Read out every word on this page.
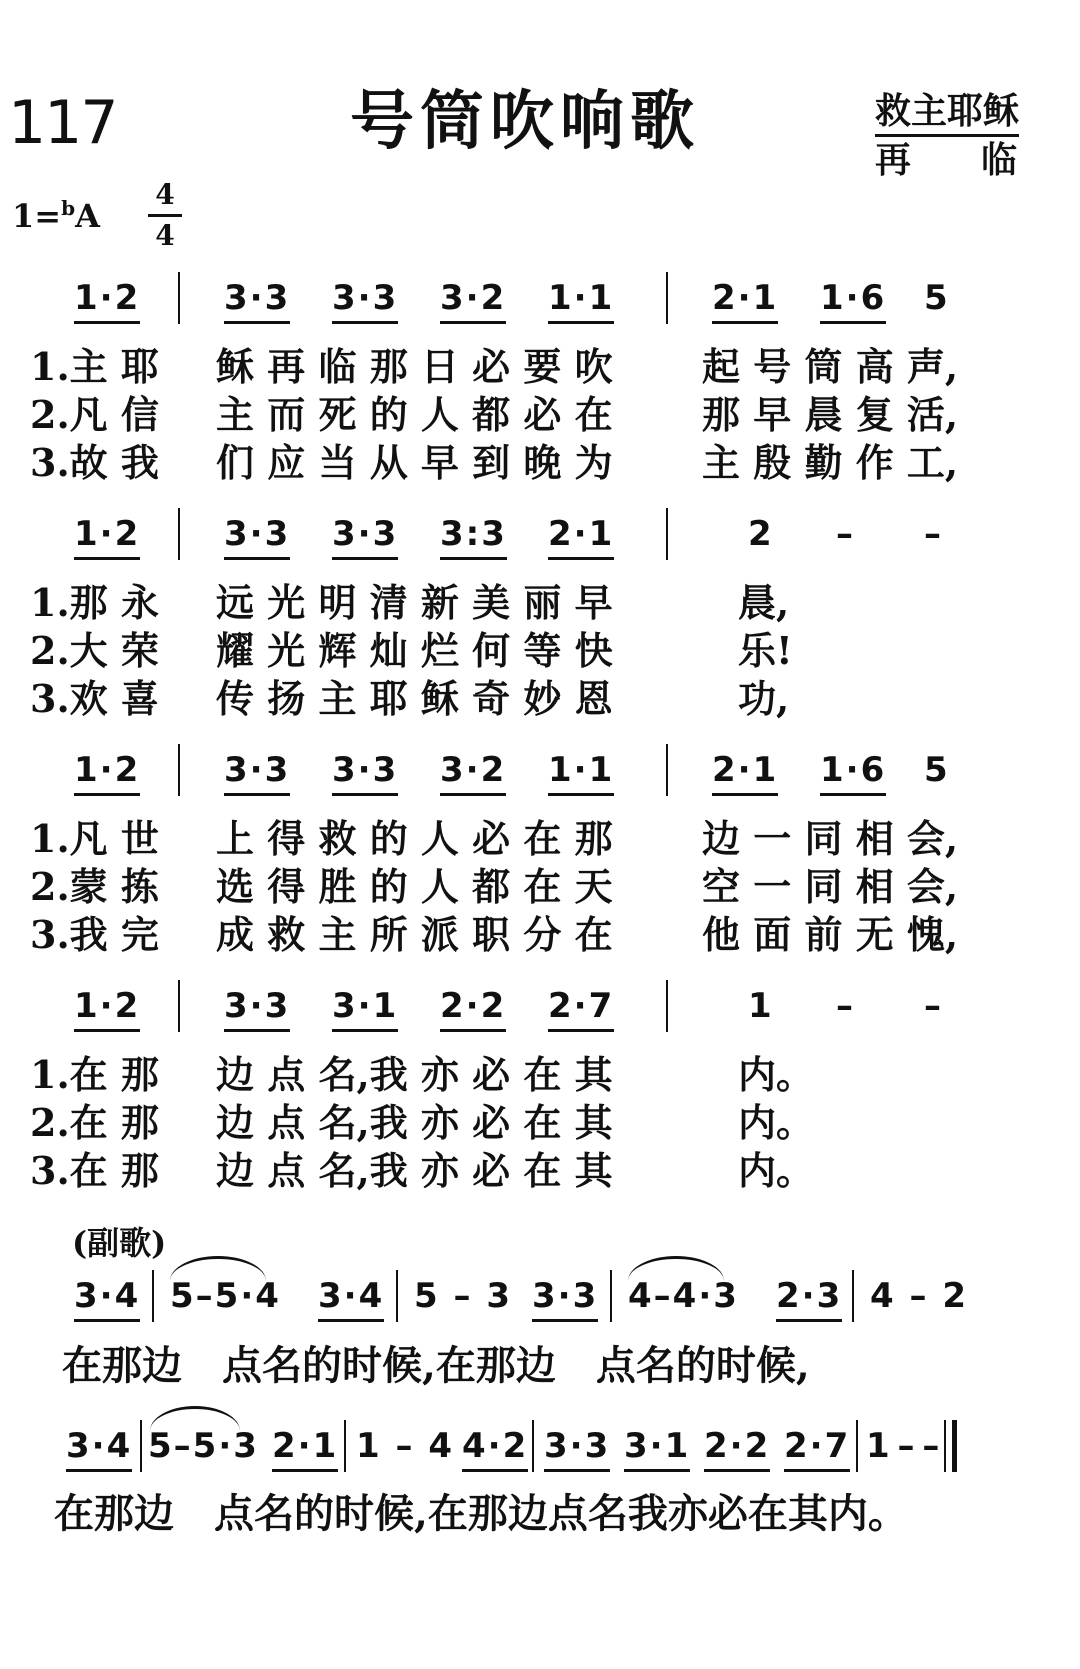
117	号筒吹响歌	救主耶稣
再 临
1=$^b$A
4
4
1·2 3·3 3·3 3·2 1·1	2·1 1·6 5
1.主 耶 稣 再 临 那 日 必 要 吹 起 号 筒 高 声,
2.凡 信 主 而 死 的 人 都 必 在 那 早 晨 复 活,
3.故 我 们 应 当 从 早 到 晚 为 主 殷 勤 作 工,
1·2 3·3 3·3 3:3 2·1	2 – –
1.那 永 远 光 明 清 新 美 丽 早	晨,
2.大 荣 耀 光 辉 灿 烂 何 等 快	乐!
3.欢 喜 传 扬 主 耶 稣 奇 妙 恩	功,
1·2 3·3 3·3 3·2 1·1	2·1 1·6 5
1.凡 世 上 得 救 的 人 必 在 那 边 一 同 相 会,
2.蒙 拣 选 得 胜 的 人 都 在 天 空 一 同 相 会,
3.我 完 成 救 主 所 派 职 分 在 他 面 前 无 愧,
1·2 3·3 3·1 2·2 2·7	1 – –
1.在 那 边 点 名,我 亦 必 在 其	内。
2.在 那 边 点 名,我 亦 必 在 其	内。
3.在 那 边 点 名,我 亦 必 在 其	内。
(副歌)
3·4 5–5·4 3·4 5 – 3 3·3 4–4·3 2·3 4 – 2
在那边　点名的时候,在那边　点名的时候,
3·4 5–5·3 2·1 1 – 4 4·2 3·3 3·1 2·2 2·7 1 – –
在那边　点名的时候,在那边点名我亦必在其内。
